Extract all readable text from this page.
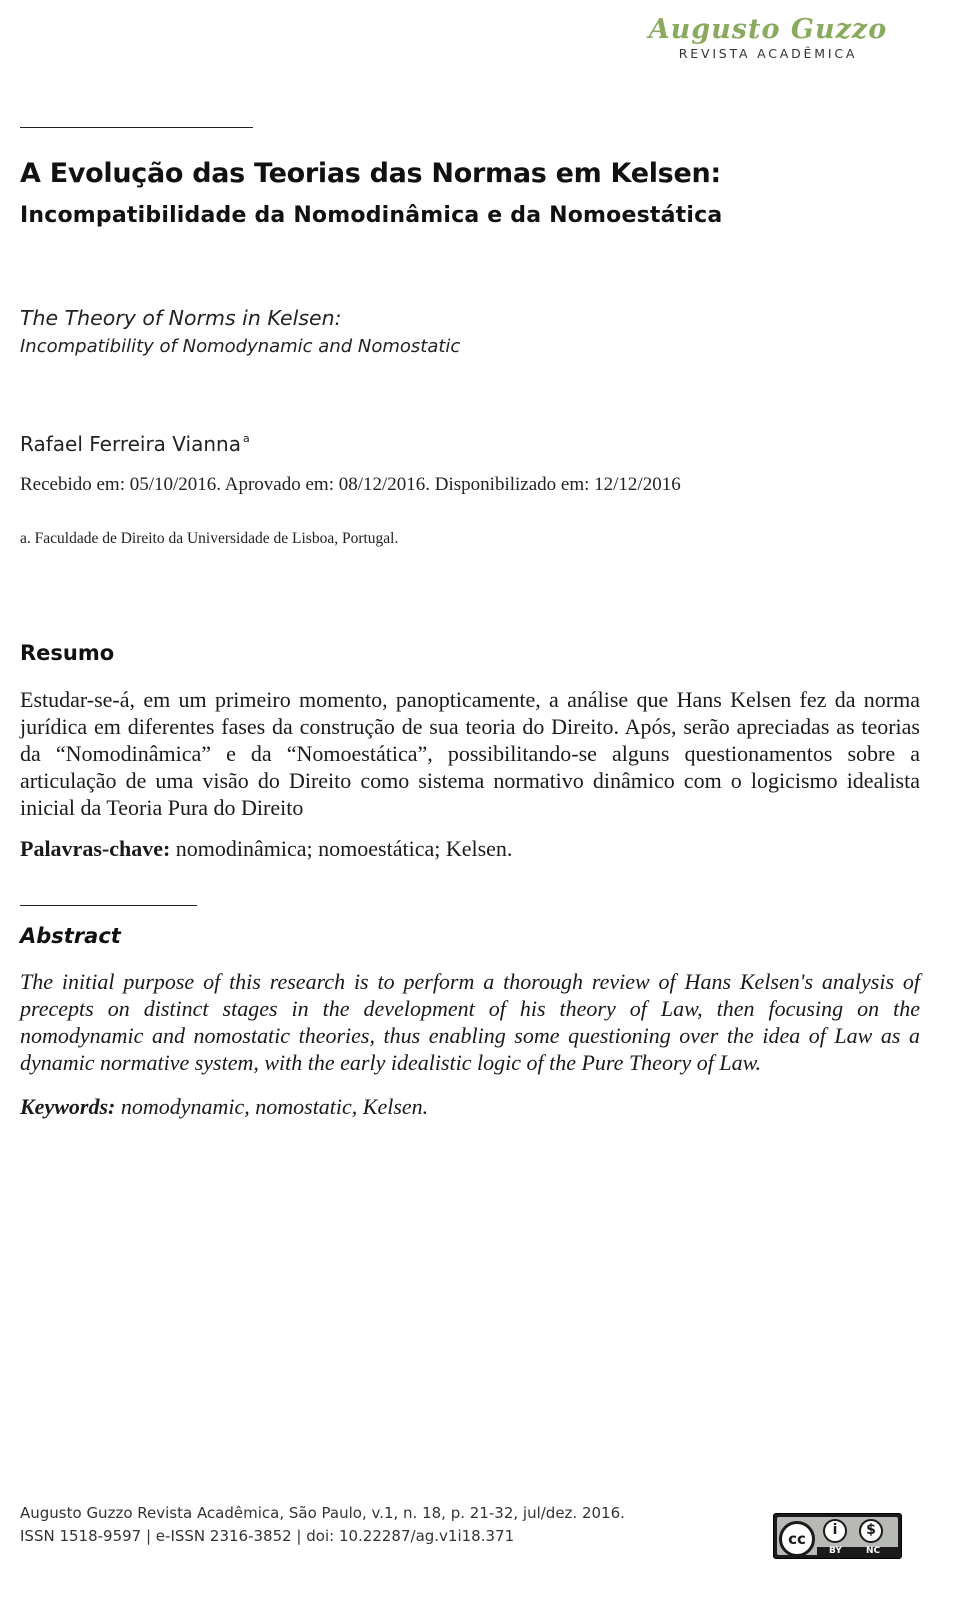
Augusto Guzzo
REVISTA ACADÊMICA
A Evolução das Teorias das Normas em Kelsen:
Incompatibilidade da Nomodinâmica e da Nomoestática
The Theory of Norms in Kelsen:
Incompatibility of Nomodynamic and Nomostatic
Rafael Ferreira Vianna $^a$
Recebido em: 05/10/2016. Aprovado em: 08/12/2016. Disponibilizado em: 12/12/2016
a. Faculdade de Direito da Universidade de Lisboa, Portugal.
Resumo
Estudar-se-á, em um primeiro momento, panopticamente, a análise que Hans Kelsen fez da norma jurídica em diferentes fases da construção de sua teoria do Direito. Após, serão apreciadas as teorias da “Nomodinâmica” e da “Nomoestática”, possibilitando-se alguns questionamentos sobre a articulação de uma visão do Direito como sistema normativo dinâmico com o logicismo idealista inicial da Teoria Pura do Direito
Palavras-chave: nomodinâmica; nomoestática; Kelsen.
Abstract
The initial purpose of this research is to perform a thorough review of Hans Kelsen's analysis of precepts on distinct stages in the development of his theory of Law, then focusing on the nomodynamic and nomostatic theories, thus enabling some questioning over the idea of Law as a dynamic normative system, with the early idealistic logic of the Pure Theory of Law.
Keywords: nomodynamic, nomostatic, Kelsen.
Augusto Guzzo Revista Acadêmica, São Paulo, v.1, n. 18, p. 21-32, jul/dez. 2016.
ISSN 1518-9597 | e-ISSN 2316-3852 | doi: 10.22287/ag.v1i18.371	cc	i	$
BY	NC
